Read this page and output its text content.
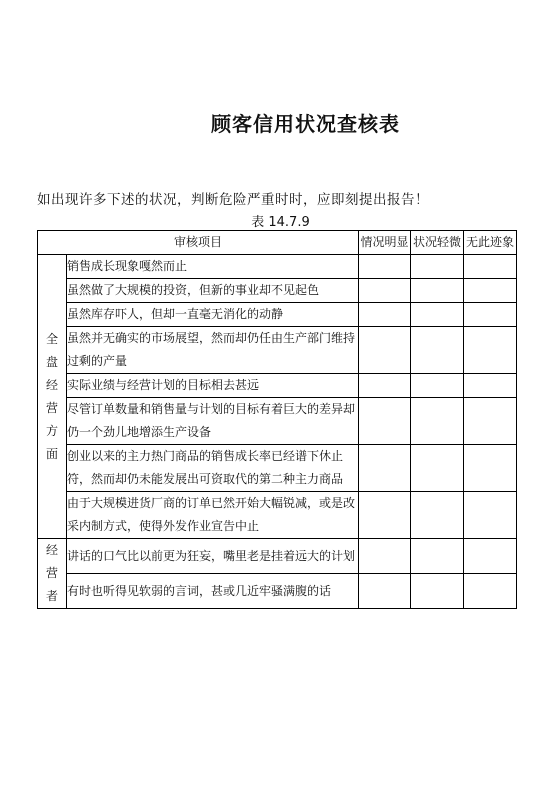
顾客信用状况查核表
如出现许多下述的状况，判断危险严重时时，应即刻提出报告！
表 14.7.9
审核项目		情况明显	状况轻微	无此迹象

全盘经营方面	销售成长现象嘎然而止			
	虽然做了大规模的投资，但新的事业却不见起色			
	虽然库存吓人，但却一直毫无消化的动静			
	虽然并无确实的市场展望，然而却仍任由生产部门维持过剩的产量			
	实际业绩与经营计划的目标相去甚远			
	尽管订单数量和销售量与计划的目标有着巨大的差异却仍一个劲儿地增添生产设备			
	创业以来的主力热门商品的销售成长率已经谱下休止符，然而却仍未能发展出可资取代的第二种主力商品			
	由于大规模进货厂商的订单已然开始大幅锐减，或是改采内制方式，使得外发作业宣告中止			

经营者	讲话的口气比以前更为狂妄，嘴里老是挂着远大的计划			
	有时也听得见软弱的言词，甚或几近牢骚满腹的话			
